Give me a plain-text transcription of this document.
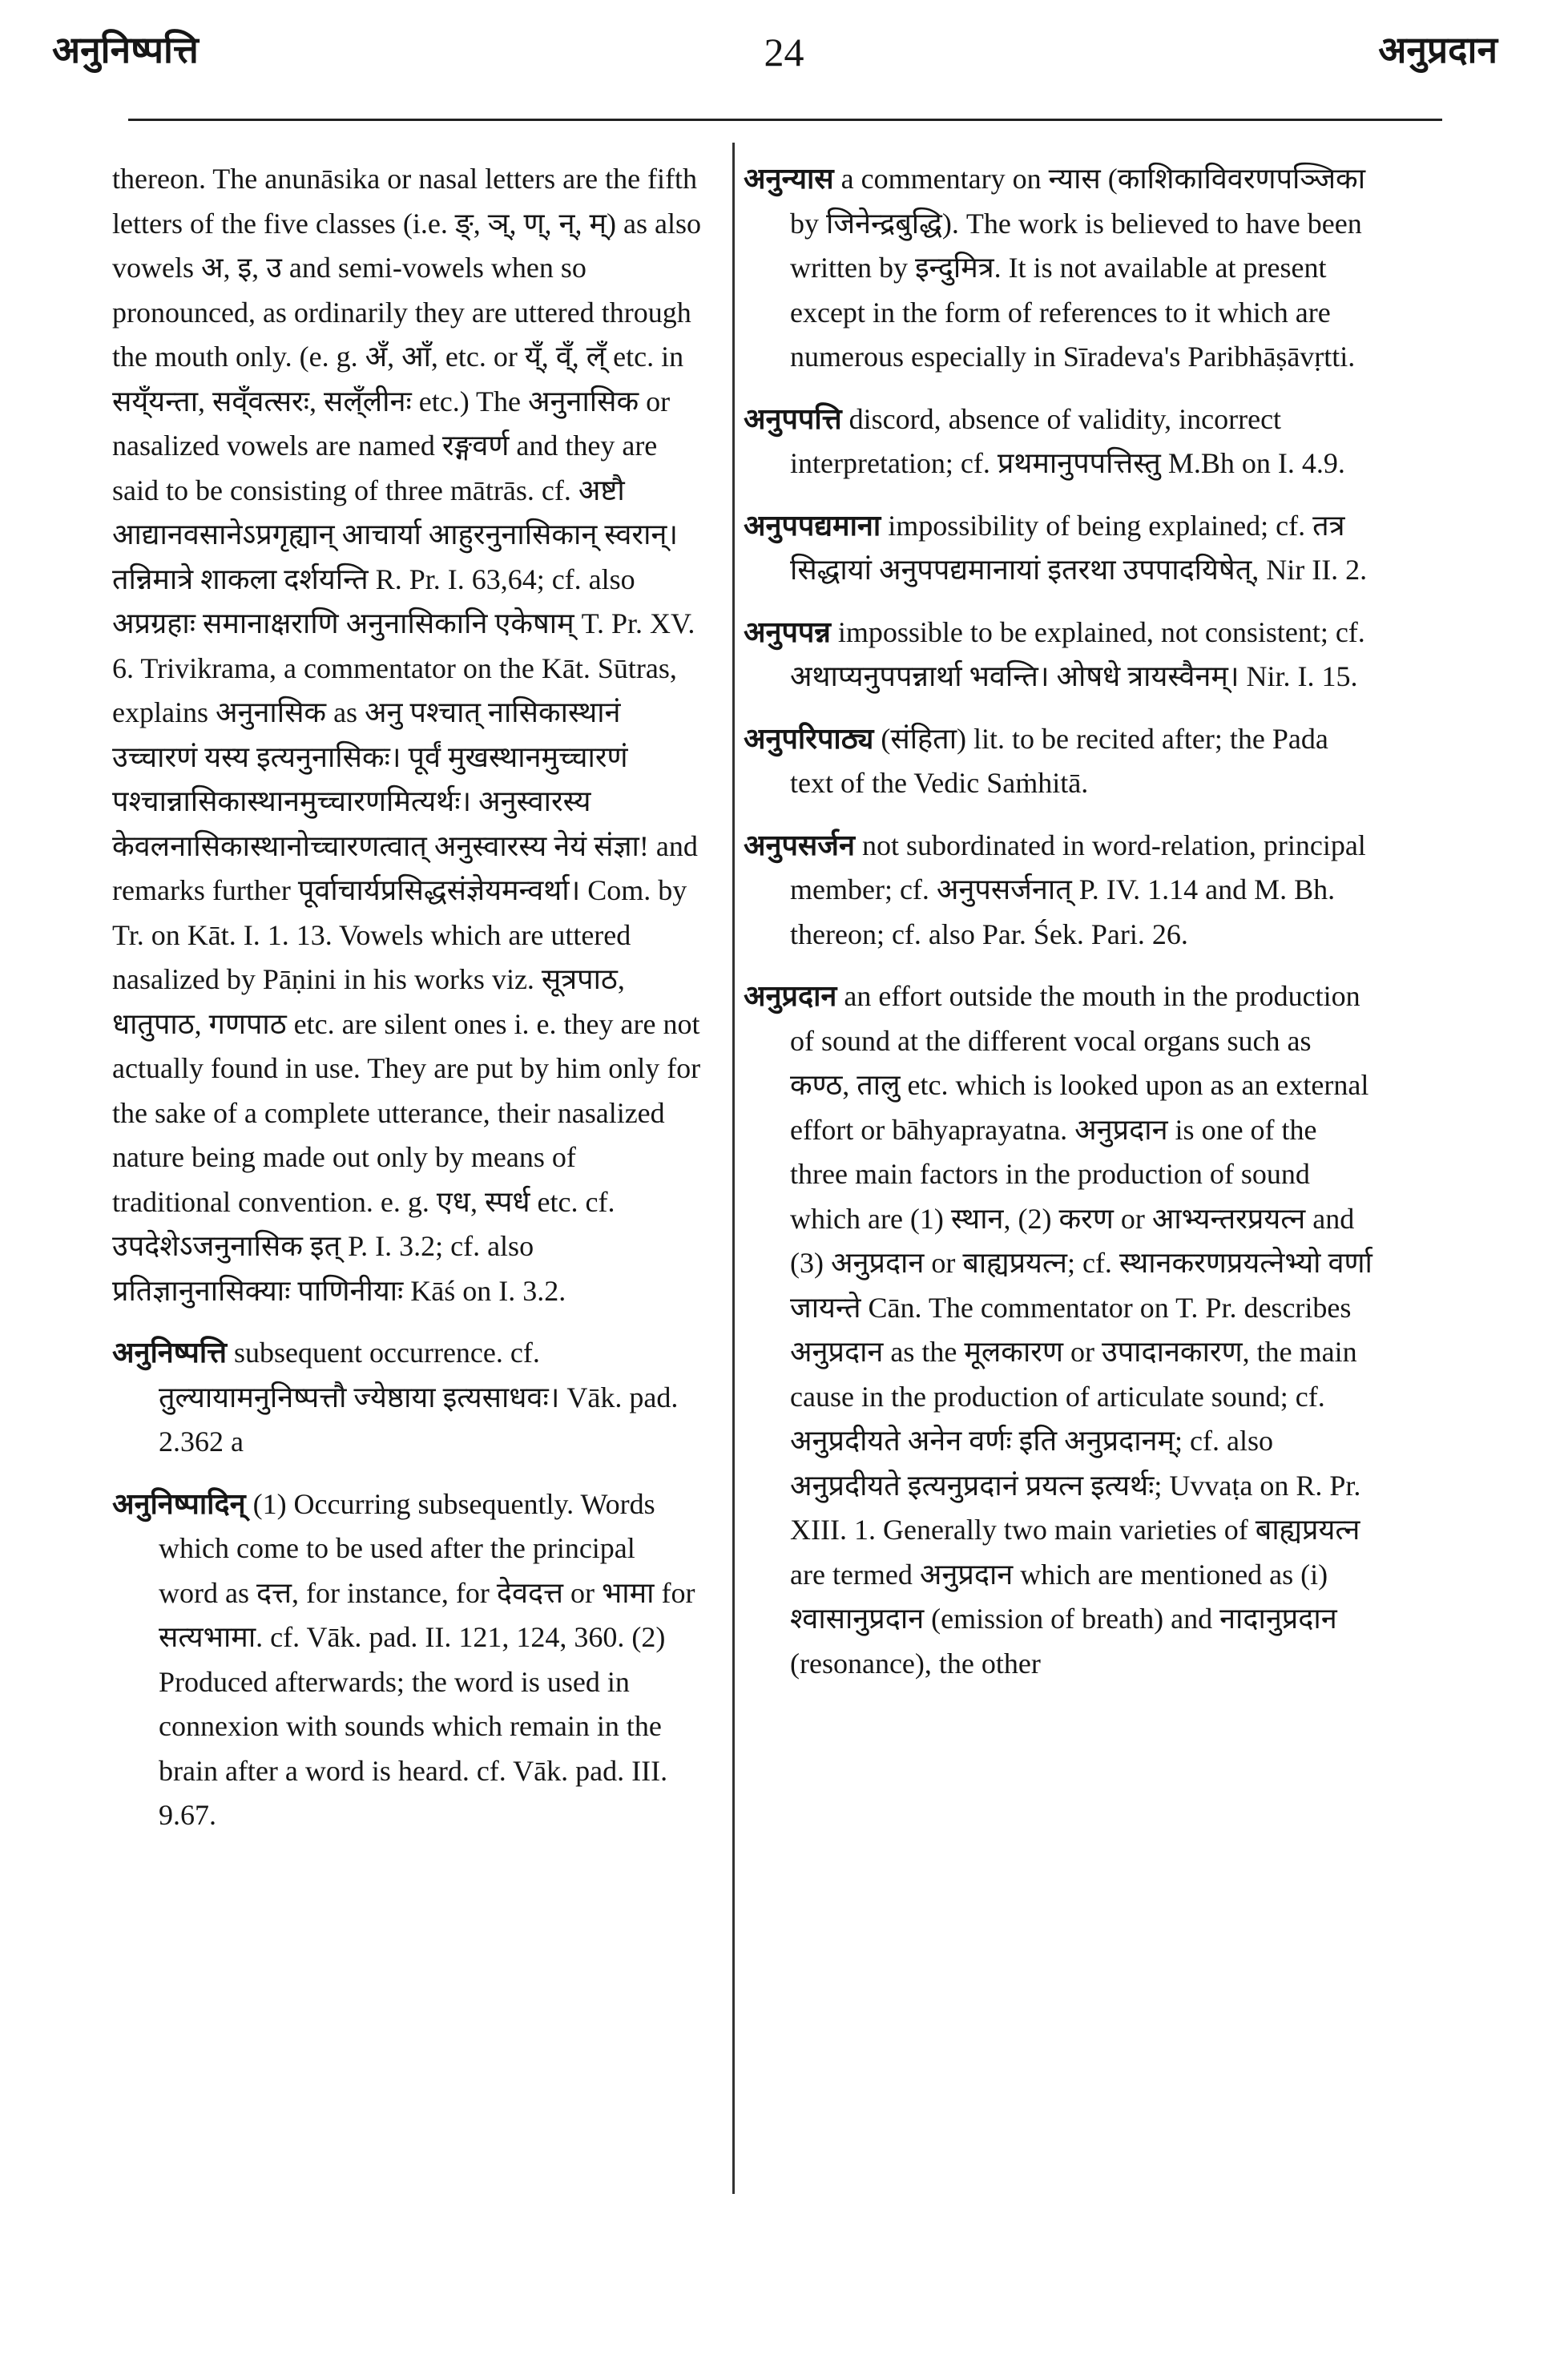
अनुनिष्पत्ति	24	अनुप्रदान

thereon. The anunāsika or nasal letters are the fifth letters of the five classes (i.e. ङ्, ञ्, ण्, न्, म्) as also vowels अ, इ, उ and semi-vowels when so pronounced, as ordinarily they are uttered through the mouth only. (e. g. अँ, आँ, etc. or य्ँ, व्ँ, ल्ँ etc. in सय्ँयन्ता, सव्ँवत्सरः, सल्ँलीनः etc.) The अनुनासिक or nasalized vowels are named रङ्गवर्ण and they are said to be consisting of three mātrās. cf. अष्टौ आद्यानवसानेऽप्रगृह्यान् आचार्या आहुरनुनासिकान् स्वरान्। तन्निमात्रे शाकला दर्शयन्ति R. Pr. I. 63,64; cf. also अप्रग्रहाः समानाक्षराणि अनुनासिकानि एकेषाम् T. Pr. XV. 6. Trivikrama, a commentator on the Kāt. Sūtras, explains अनुनासिक as अनु पश्चात् नासिकास्थानं उच्चारणं यस्य इत्यनुनासिकः। पूर्वं मुखस्थानमुच्चारणं पश्चान्नासिकास्थानमुच्चारणमित्यर्थः। अनुस्वारस्य केवलनासिकास्थानोच्चारणत्वात् अनुस्वारस्य नेयं संज्ञा! and remarks further पूर्वाचार्यप्रसिद्धसंज्ञेयमन्वर्था। Com. by Tr. on Kāt. I. 1. 13. Vowels which are uttered nasalized by Pāṇini in his works viz. सूत्रपाठ, धातुपाठ, गणपाठ etc. are silent ones i. e. they are not actually found in use. They are put by him only for the sake of a complete utterance, their nasalized nature being made out only by means of traditional convention. e. g. एध, स्पर्ध etc. cf. उपदेशेऽजनुनासिक इत् P. I. 3.2; cf. also प्रतिज्ञानुनासिक्याः पाणिनीयाः Kāś on I. 3.2.

अनुनिष्पत्ति subsequent occurrence. cf. तुल्यायामनुनिष्पत्तौ ज्येष्ठाया इत्यसाधवः। Vāk. pad. 2.362 a

अनुनिष्पादिन् (1) Occurring subsequently. Words which come to be used after the principal word as दत्त, for instance, for देवदत्त or भामा for सत्यभामा. cf. Vāk. pad. II. 121, 124, 360. (2) Produced afterwards; the word is used in connexion with sounds which remain in the brain after a word is heard. cf. Vāk. pad. III. 9.67.

अनुन्यास a commentary on न्यास (काशिकाविवरणपञ्जिका by जिनेन्द्रबुद्धि). The work is believed to have been written by इन्दुमित्र. It is not available at present except in the form of references to it which are numerous especially in Sīradeva's Paribhāṣāvṛtti.

अनुपपत्ति discord, absence of validity, incorrect interpretation; cf. प्रथमानुपपत्तिस्तु M.Bh on I. 4.9.

अनुपपद्यमाना impossibility of being explained; cf. तत्र सिद्धायां अनुपपद्यमानायां इतरथा उपपादयिषेत्, Nir II. 2.

अनुपपन्न impossible to be explained, not consistent; cf. अथाप्यनुपपन्नार्था भवन्ति। ओषधे त्रायस्वैनम्। Nir. I. 15.

अनुपरिपाठ्य (संहिता) lit. to be recited after; the Pada text of the Vedic Saṁhitā.

अनुपसर्जन not subordinated in word-relation, principal member; cf. अनुपसर्जनात् P. IV. 1.14 and M. Bh. thereon; cf. also Par. Śek. Pari. 26.

अनुप्रदान an effort outside the mouth in the production of sound at the different vocal organs such as कण्ठ, तालु etc. which is looked upon as an external effort or bāhyaprayatna. अनुप्रदान is one of the three main factors in the production of sound which are (1) स्थान, (2) करण or आभ्यन्तरप्रयत्न and (3) अनुप्रदान or बाह्यप्रयत्न; cf. स्थानकरणप्रयत्नेभ्यो वर्णा जायन्ते Cān. The commentator on T. Pr. describes अनुप्रदान as the मूलकारण or उपादानकारण, the main cause in the production of articulate sound; cf. अनुप्रदीयते अनेन वर्णः इति अनुप्रदानम्; cf. also अनुप्रदीयते इत्यनुप्रदानं प्रयत्न इत्यर्थः; Uvvaṭa on R. Pr. XIII. 1. Generally two main varieties of बाह्यप्रयत्न are termed अनुप्रदान which are mentioned as (i) श्वासानुप्रदान (emission of breath) and नादानुप्रदान (resonance), the other
